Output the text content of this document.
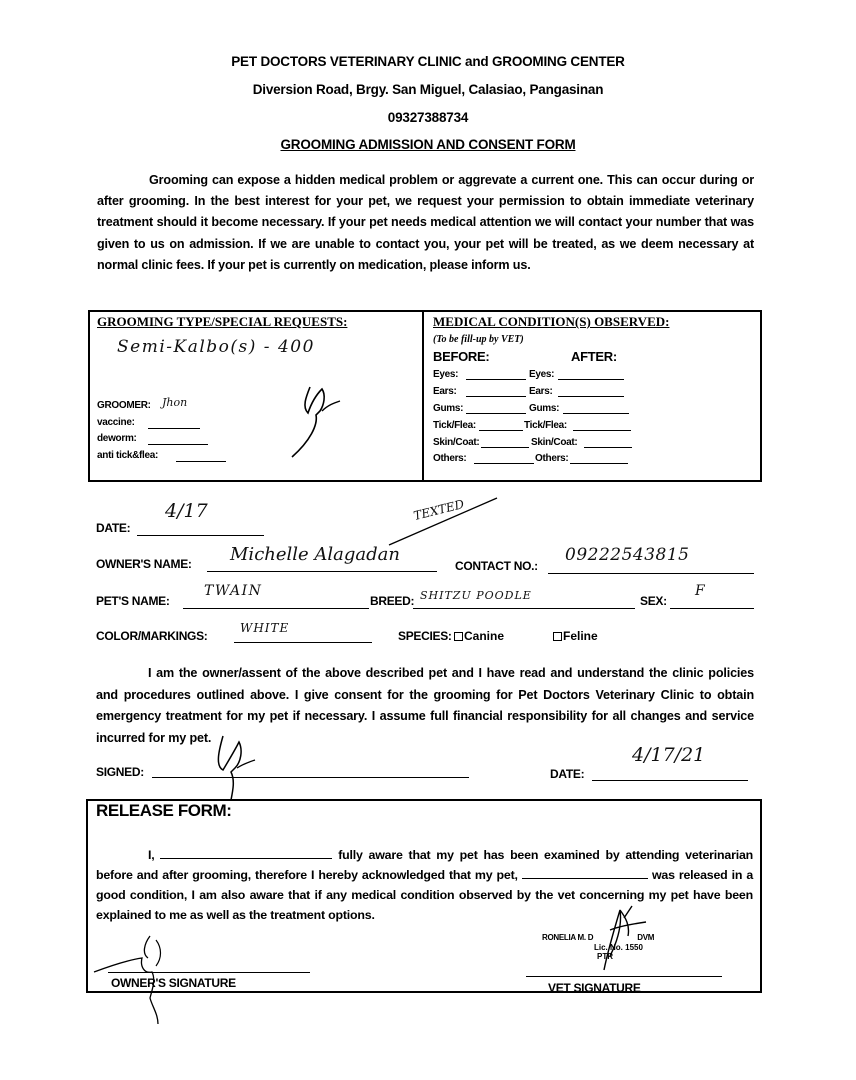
PET DOCTORS VETERINARY CLINIC and GROOMING CENTER
Diversion Road, Brgy. San Miguel, Calasiao, Pangasinan
09327388734
GROOMING ADMISSION AND CONSENT FORM
Grooming can expose a hidden medical problem or aggrevate a current one. This can occur during or after grooming. In the best interest for your pet, we request your permission to obtain immediate veterinary treatment should it become necessary. If your pet needs medical attention we will contact your number that was given to us on admission. If we are unable to contact you, your pet will be treated, as we deem necessary at normal clinic fees. If your pet is currently on medication, please inform us.
GROOMING TYPE/SPECIAL REQUESTS:
Semi-Kalbo(s) - 400
GROOMER: Jhon
vaccine:
deworm:
anti tick&flea:
MEDICAL CONDITION(S) OBSERVED:
(To be fill-up by VET)
BEFORE:	AFTER:
Eyes:	Eyes:
Ears:	Ears:
Gums:	Gums:
Tick/Flea:	Tick/Flea:
Skin/Coat:	Skin/Coat:
Others:	Others:
DATE:
4/17	TEXTED
OWNER'S NAME: Michelle Alagadan
CONTACT NO.:
09222543815
PET'S NAME:
TWAIN
BREED: SHITZU POODLE	SEX:
F
COLOR/MARKINGS:
WHITE
SPECIES: Canine	Feline
I am the owner/assent of the above described pet and I have read and understand the clinic policies and procedures outlined above. I give consent for the grooming for Pet Doctors Veterinary Clinic to obtain emergency treatment for my pet if necessary. I assume full financial responsibility for all changes and service incurred for my pet.
SIGNED:	DATE:
4/17/21
RELEASE FORM:
I,	fully aware that my pet has been examined by attending veterinarian before and after grooming, therefore I hereby acknowledged that my pet,	was released in a good condition, I am also aware that if any medical condition observed by the vet concerning my pet have been explained to me as well as the treatment options.
RONELIA M. D	DVM
Lic. No. 1550
PTR
OWNER'S SIGNATURE	VET SIGNATURE
